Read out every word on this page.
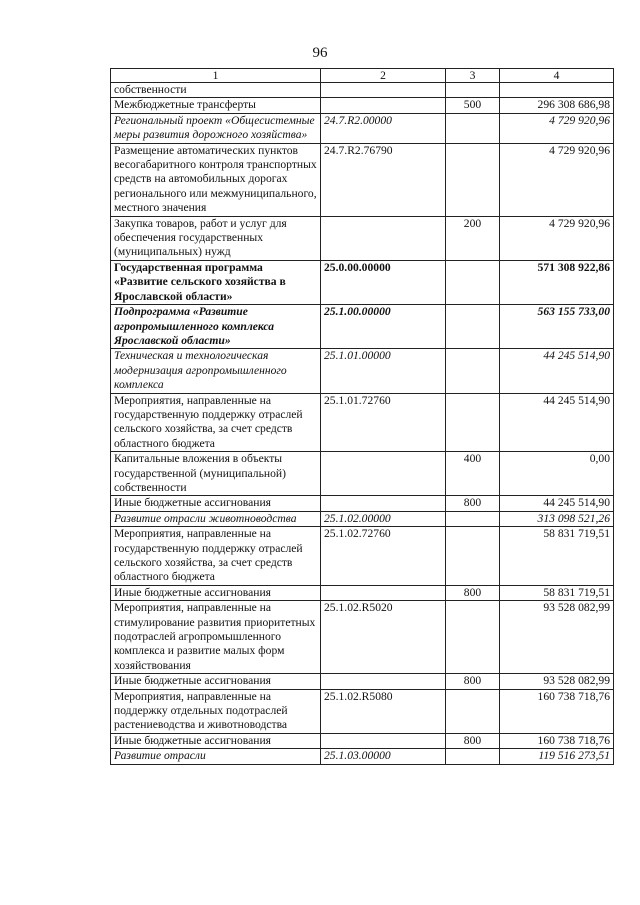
96
1	2	3	4
собственности			
Межбюджетные трансферты		500	296 308 686,98
Региональный проект «Общесистемные меры развития дорожного хозяйства»	24.7.R2.00000		4 729 920,96
Размещение автоматических пунктов весогабаритного контроля транспортных средств на автомобильных дорогах регионального или межмуниципального, местного значения	24.7.R2.76790		4 729 920,96
Закупка товаров, работ и услуг для обеспечения государственных (муниципальных) нужд		200	4 729 920,96
Государственная программа «Развитие сельского хозяйства в Ярославской области»	25.0.00.00000		571 308 922,86
Подпрограмма «Развитие агропромышленного комплекса Ярославской области»	25.1.00.00000		563 155 733,00
Техническая и технологическая модернизация агропромышленного комплекса	25.1.01.00000		44 245 514,90
Мероприятия, направленные на государственную поддержку отраслей сельского хозяйства, за счет средств областного бюджета	25.1.01.72760		44 245 514,90
Капитальные вложения в объекты государственной (муниципальной) собственности		400	0,00
Иные бюджетные ассигнования		800	44 245 514,90
Развитие отрасли животноводства	25.1.02.00000		313 098 521,26
Мероприятия, направленные на государственную поддержку отраслей сельского хозяйства, за счет средств областного бюджета	25.1.02.72760		58 831 719,51
Иные бюджетные ассигнования		800	58 831 719,51
Мероприятия, направленные на стимулирование развития приоритетных подотраслей агропромышленного комплекса и развитие малых форм хозяйствования	25.1.02.R5020		93 528 082,99
Иные бюджетные ассигнования		800	93 528 082,99
Мероприятия, направленные на поддержку отдельных подотраслей растениеводства и животноводства	25.1.02.R5080		160 738 718,76
Иные бюджетные ассигнования		800	160 738 718,76
Развитие отрасли	25.1.03.00000		119 516 273,51
